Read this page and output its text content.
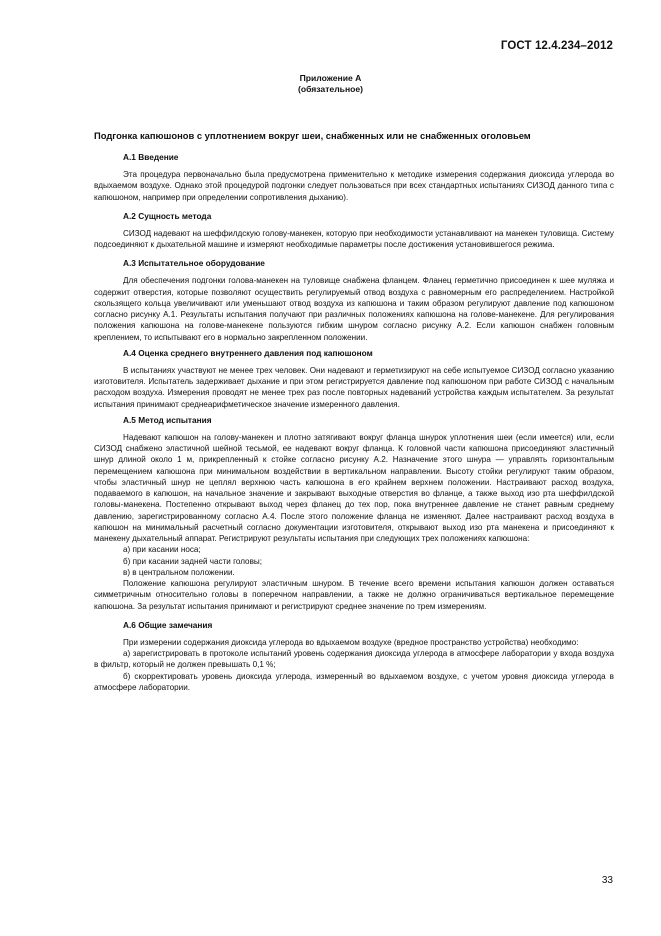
ГОСТ 12.4.234–2012
Приложение А
(обязательное)
Подгонка капюшонов с уплотнением вокруг шеи, снабженных или не снабженных оголовьем
А.1 Введение

Эта процедура первоначально была предусмотрена применительно к методике измерения содержания диоксида углерода во вдыхаемом воздухе. Однако этой процедурой подгонки следует пользоваться при всех стандартных испытаниях СИЗОД данного типа с капюшоном, например при определении сопротивления дыханию).

А.2 Сущность метода

СИЗОД надевают на шеффилдскую голову-манекен, которую при необходимости устанавливают на манекен туловища. Систему подсоединяют к дыхательной машине и измеряют необходимые параметры после достижения установившегося режима.

А.3 Испытательное оборудование

Для обеспечения подгонки голова-манекен на туловище снабжена фланцем. Фланец герметично присоединен к шее муляжа и содержит отверстия, которые позволяют осуществить регулируемый отвод воздуха с равномерным его распределением. Настройкой скользящего кольца увеличивают или уменьшают отвод воздуха из капюшона и таким образом регулируют давление под капюшоном согласно рисунку А.1. Результаты испытания получают при различных положениях капюшона на голове-манекене. Для регулирования положения капюшона на голове-манекене пользуются гибким шнуром согласно рисунку А.2. Если капюшон снабжен головным креплением, то испытывают его в нормально закрепленном положении.

А.4 Оценка среднего внутреннего давления под капюшоном

В испытаниях участвуют не менее трех человек. Они надевают и герметизируют на себе испытуемое СИЗОД согласно указанию изготовителя. Испытатель задерживает дыхание и при этом регистрируется давление под капюшоном при работе СИЗОД с начальным расходом воздуха. Измерения проводят не менее трех раз после повторных надеваний устройства каждым испытателем. За результат испытания принимают среднеарифметическое значение измеренного давления.

А.5 Метод испытания

Надевают капюшон на голову-манекен и плотно затягивают вокруг фланца шнурок уплотнения шеи (если имеется) или, если СИЗОД снабжено эластичной шейной тесьмой, ее надевают вокруг фланца. К головной части капюшона присоединяют эластичный шнур длиной около 1 м, прикрепленный к стойке согласно рисунку А.2. Назначение этого шнура — управлять горизонтальным перемещением капюшона при минимальном воздействии в вертикальном направлении. Высоту стойки регулируют таким образом, чтобы эластичный шнур не цеплял верхнюю часть капюшона в его крайнем верхнем положении. Настраивают расход воздуха, подаваемого в капюшон, на начальное значение и закрывают выходные отверстия во фланце, а также выход изо рта шеффилдской головы-манекена. Постепенно открывают выход через фланец до тех пор, пока внутреннее давление не станет равным среднему давлению, зарегистрированному согласно А.4. После этого положение фланца не изменяют. Далее настраивают расход воздуха в капюшон на минимальный расчетный согласно документации изготовителя, открывают выход изо рта манекена и присоединяют к манекену дыхательный аппарат. Регистрируют результаты испытания при следующих трех положениях капюшона:

а) при касании носа;

б) при касании задней части головы;

в) в центральном положении.

Положение капюшона регулируют эластичным шнуром. В течение всего времени испытания капюшон должен оставаться симметричным относительно головы в поперечном направлении, а также не должно ограничиваться вертикальное перемещение капюшона. За результат испытания принимают и регистрируют среднее значение по трем измерениям.

А.6 Общие замечания

При измерении содержания диоксида углерода во вдыхаемом воздухе (вредное пространство устройства) необходимо:

а) зарегистрировать в протоколе испытаний уровень содержания диоксида углерода в атмосфере лаборатории у входа воздуха в фильтр, который не должен превышать 0,1 %;

б) скорректировать уровень диоксида углерода, измеренный во вдыхаемом воздухе, с учетом уровня диоксида углерода в атмосфере лаборатории.

33
